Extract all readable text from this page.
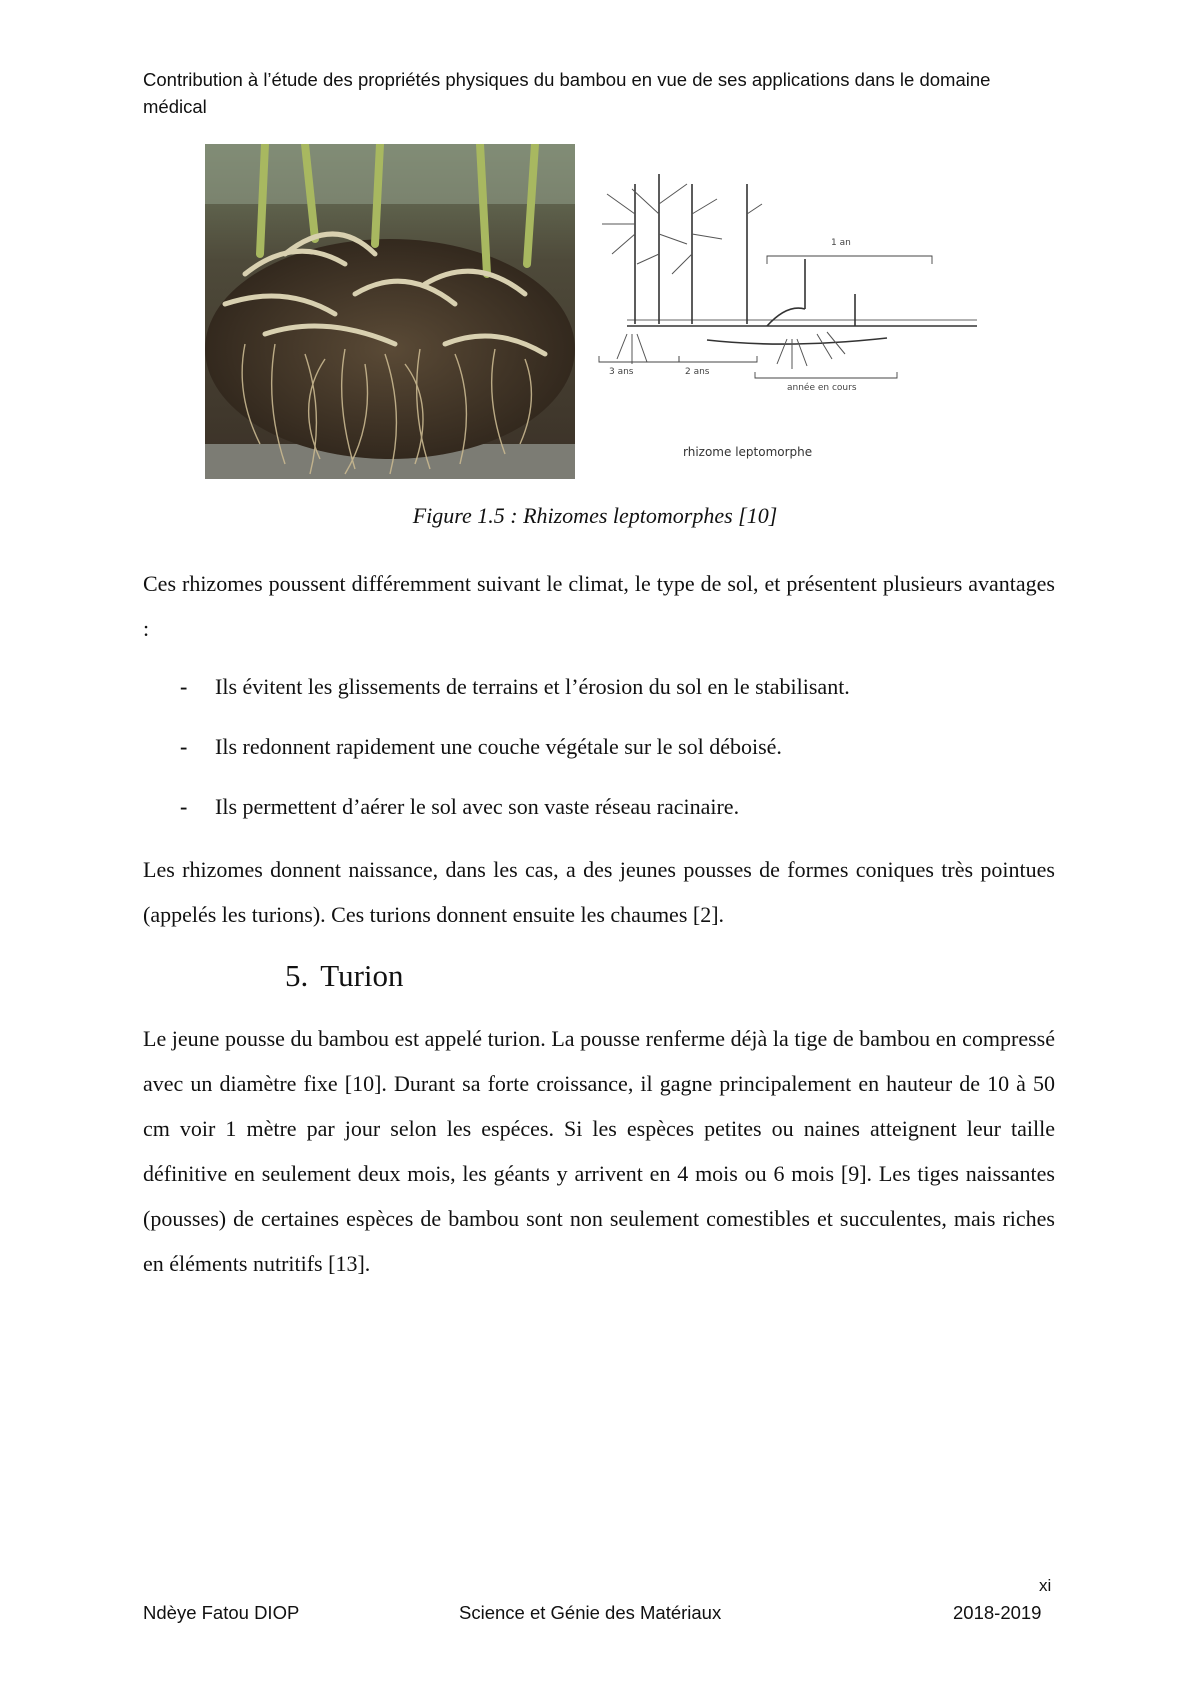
Contribution à l’étude des propriétés physiques du bambou en vue de ses applications dans le domaine médical
1 an
3 ans	2 ans
année en cours
rhizome leptomorphe
Figure 1.5 : Rhizomes leptomorphes [10]

Ces rhizomes poussent différemment suivant le climat, le type de sol, et présentent plusieurs avantages :

- Ils évitent les glissements de terrains et l’érosion du sol en le stabilisant.
- Ils redonnent rapidement une couche végétale sur le sol déboisé.
- Ils permettent d’aérer le sol avec son vaste réseau racinaire.

Les rhizomes donnent naissance, dans les cas, a des jeunes pousses de formes coniques très pointues (appelés les turions). Ces turions donnent ensuite les chaumes [2].

5. Turion

Le jeune pousse du bambou est appelé turion. La pousse renferme déjà la tige de bambou en compressé avec un diamètre fixe [10]. Durant sa forte croissance, il gagne principalement en hauteur de 10 à 50 cm voir 1 mètre par jour selon les espéces. Si les espèces petites ou naines atteignent leur taille définitive en seulement deux mois, les géants y arrivent en 4 mois ou 6 mois [9]. Les tiges naissantes (pousses) de certaines espèces de bambou sont non seulement comestibles et succulentes, mais riches en éléments nutritifs [13].

xi
Ndèye Fatou DIOP	Science et Génie des Matériaux	2018-2019
